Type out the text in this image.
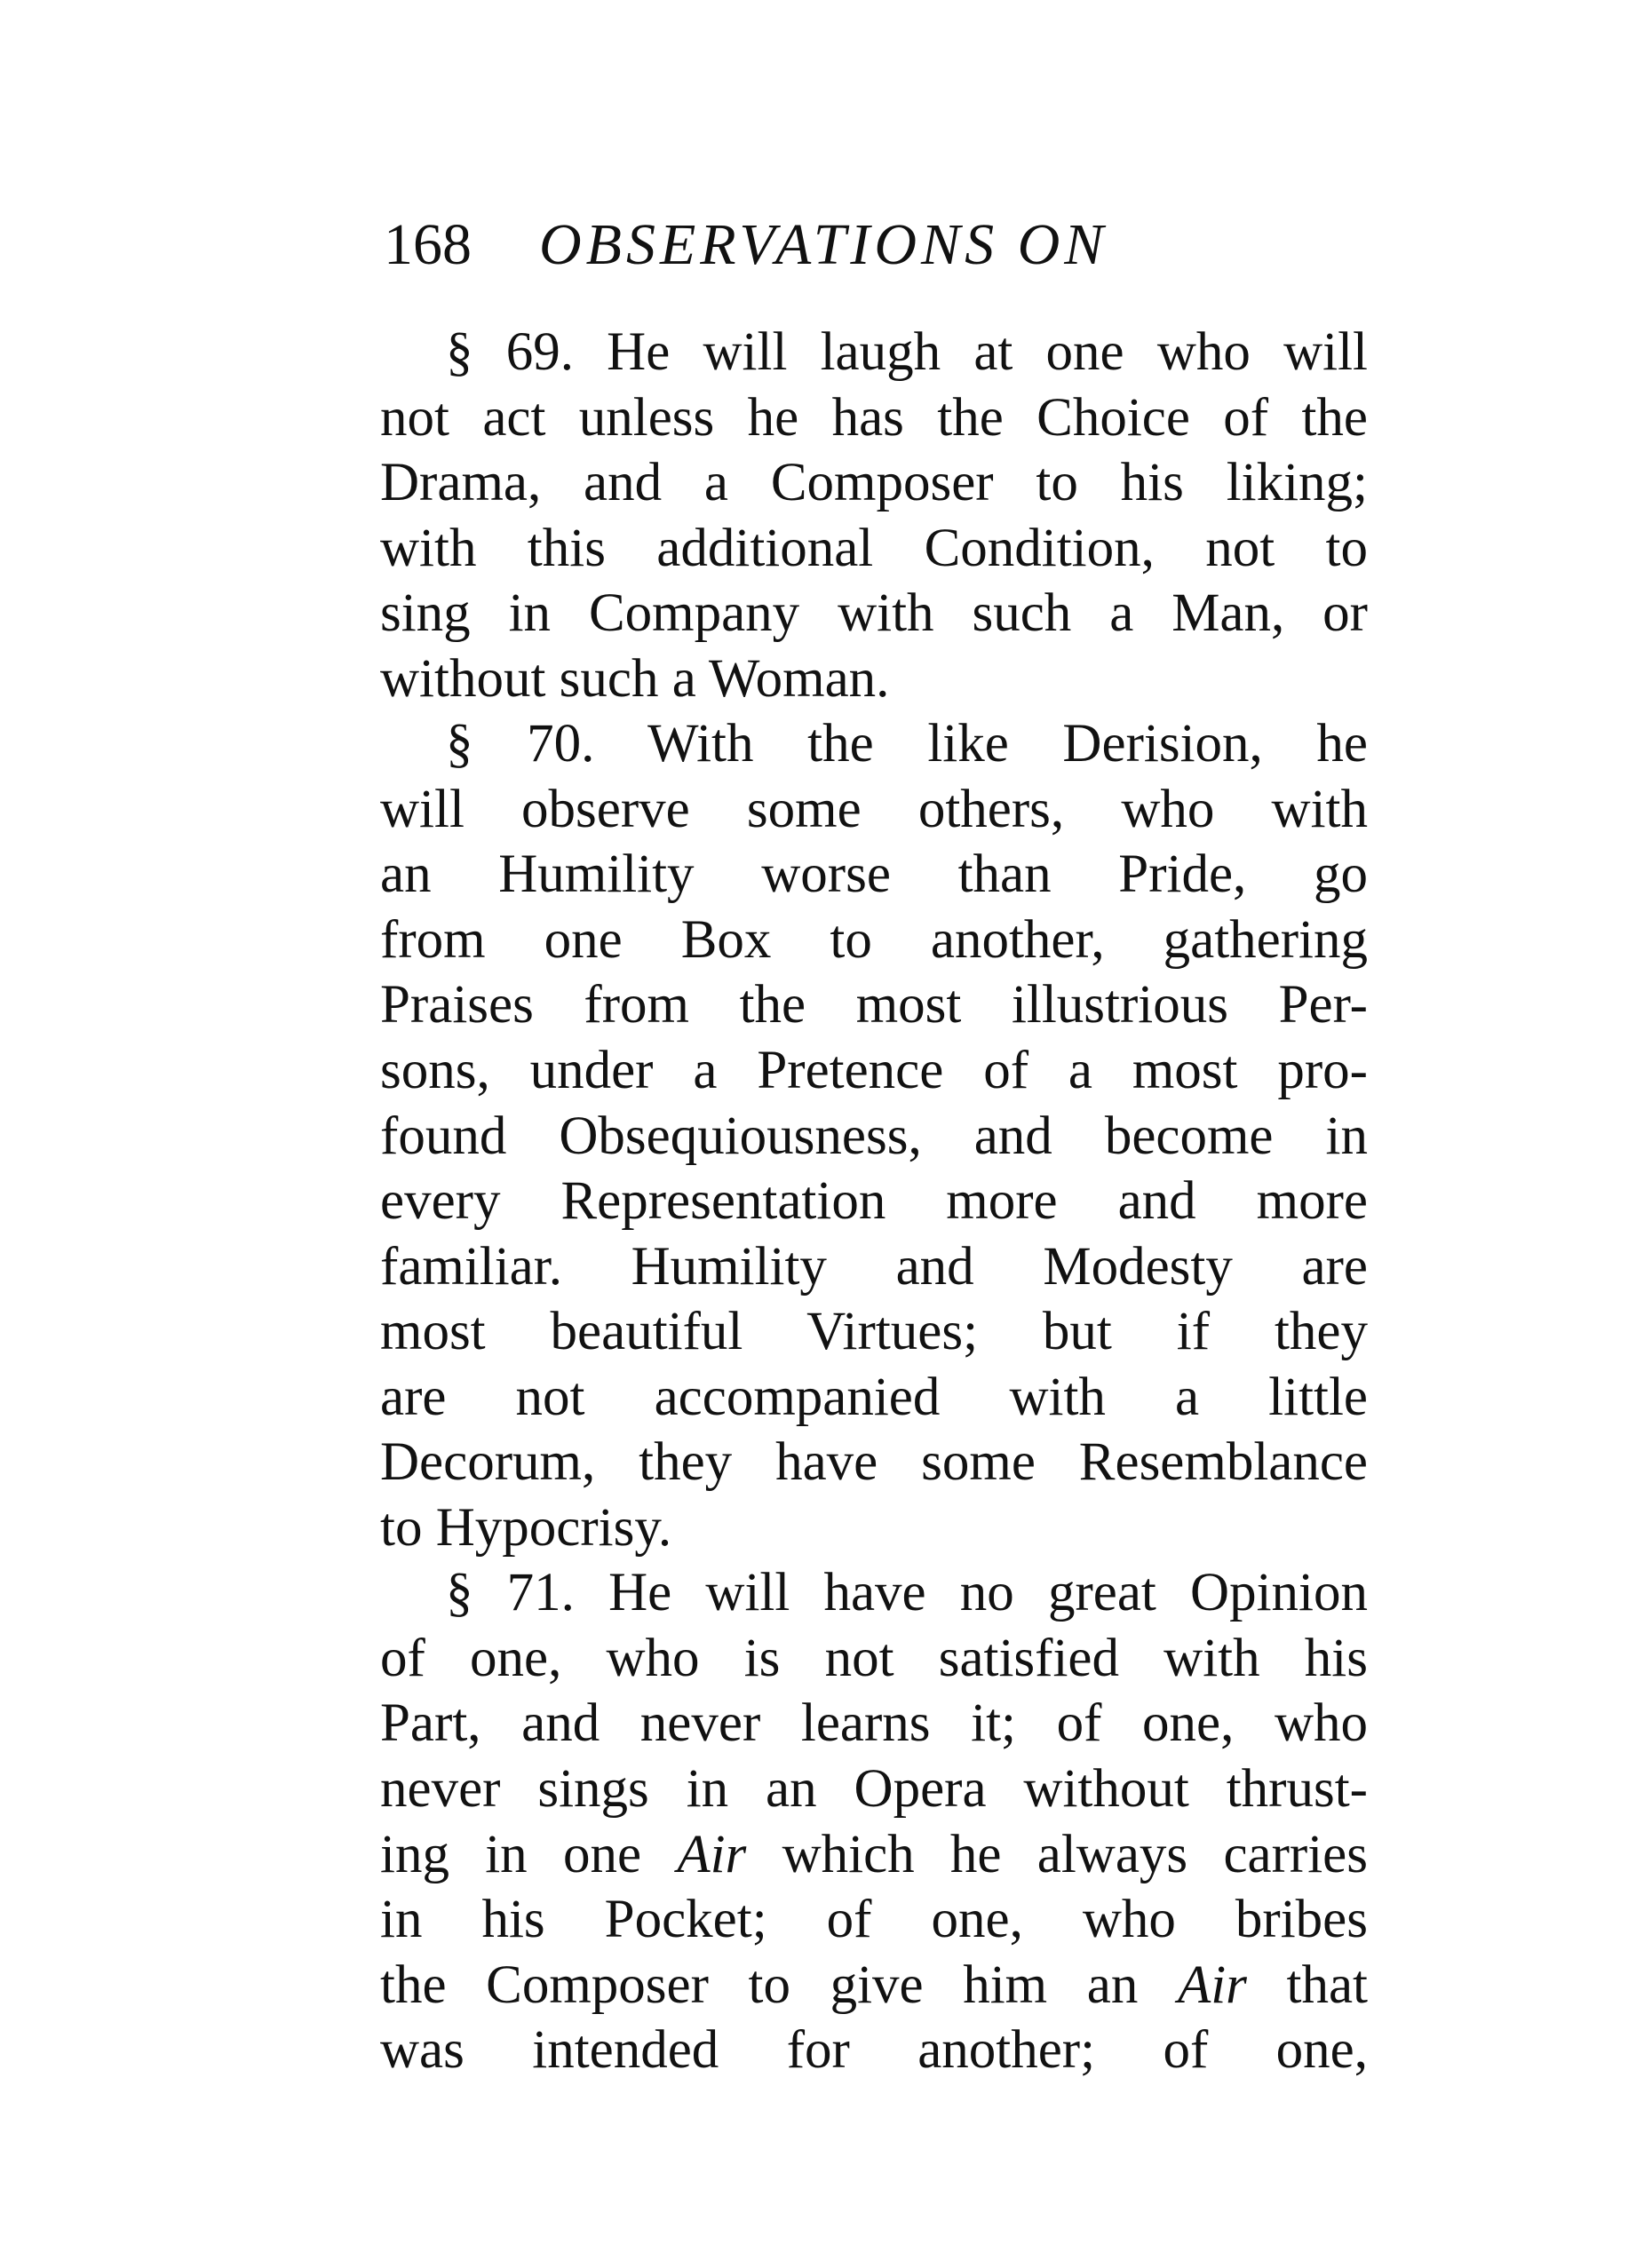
168 OBSERVATIONS ON
§ 69. He will laugh at one who will
not act unless he has the Choice of the
Drama, and a Composer to his liking;
with this additional Condition, not to
sing in Company with such a Man, or
without such a Woman.
§ 70. With the like Derision, he
will observe some others, who with
an Humility worse than Pride, go
from one Box to another, gathering
Praises from the most illustrious Per-
sons, under a Pretence of a most pro-
found Obsequiousness, and become in
every Representation more and more
familiar. Humility and Modesty are
most beautiful Virtues; but if they
are not accompanied with a little
Decorum, they have some Resemblance
to Hypocrisy.
§ 71. He will have no great Opinion
of one, who is not satisfied with his
Part, and never learns it; of one, who
never sings in an Opera without thrust-
ing in one Air which he always carries
in his Pocket; of one, who bribes
the Composer to give him an Air that
was intended for another; of one,
